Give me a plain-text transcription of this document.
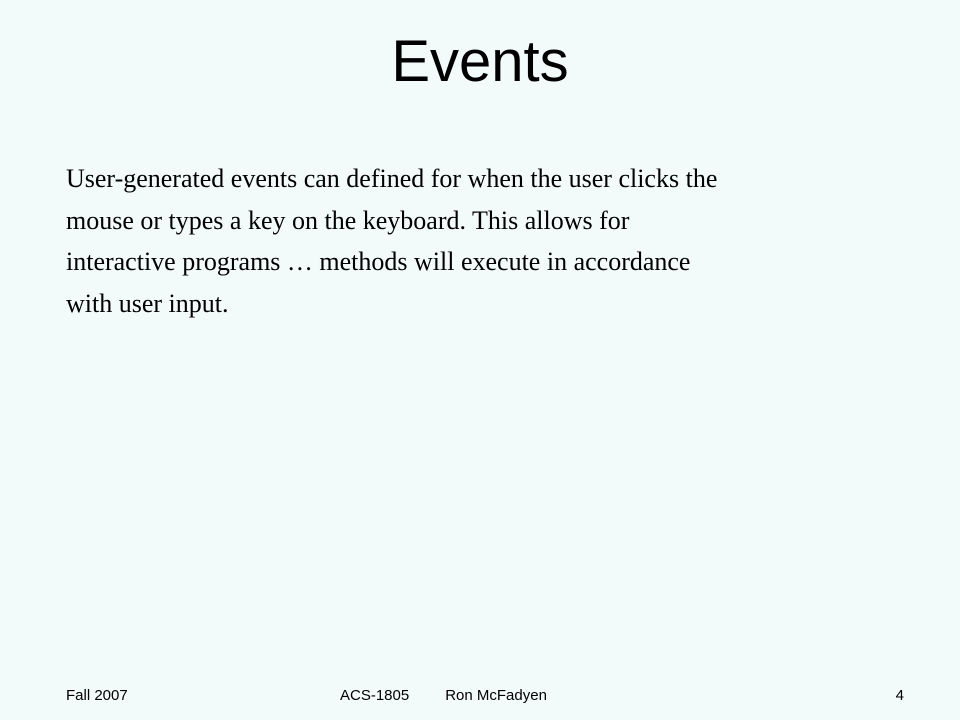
Events
User-generated events can defined for when the user clicks the
mouse or types a key on the keyboard. This allows for
interactive programs … methods will execute in accordance
with user input.
Fall 2007	ACS-1805 Ron McFadyen	4
